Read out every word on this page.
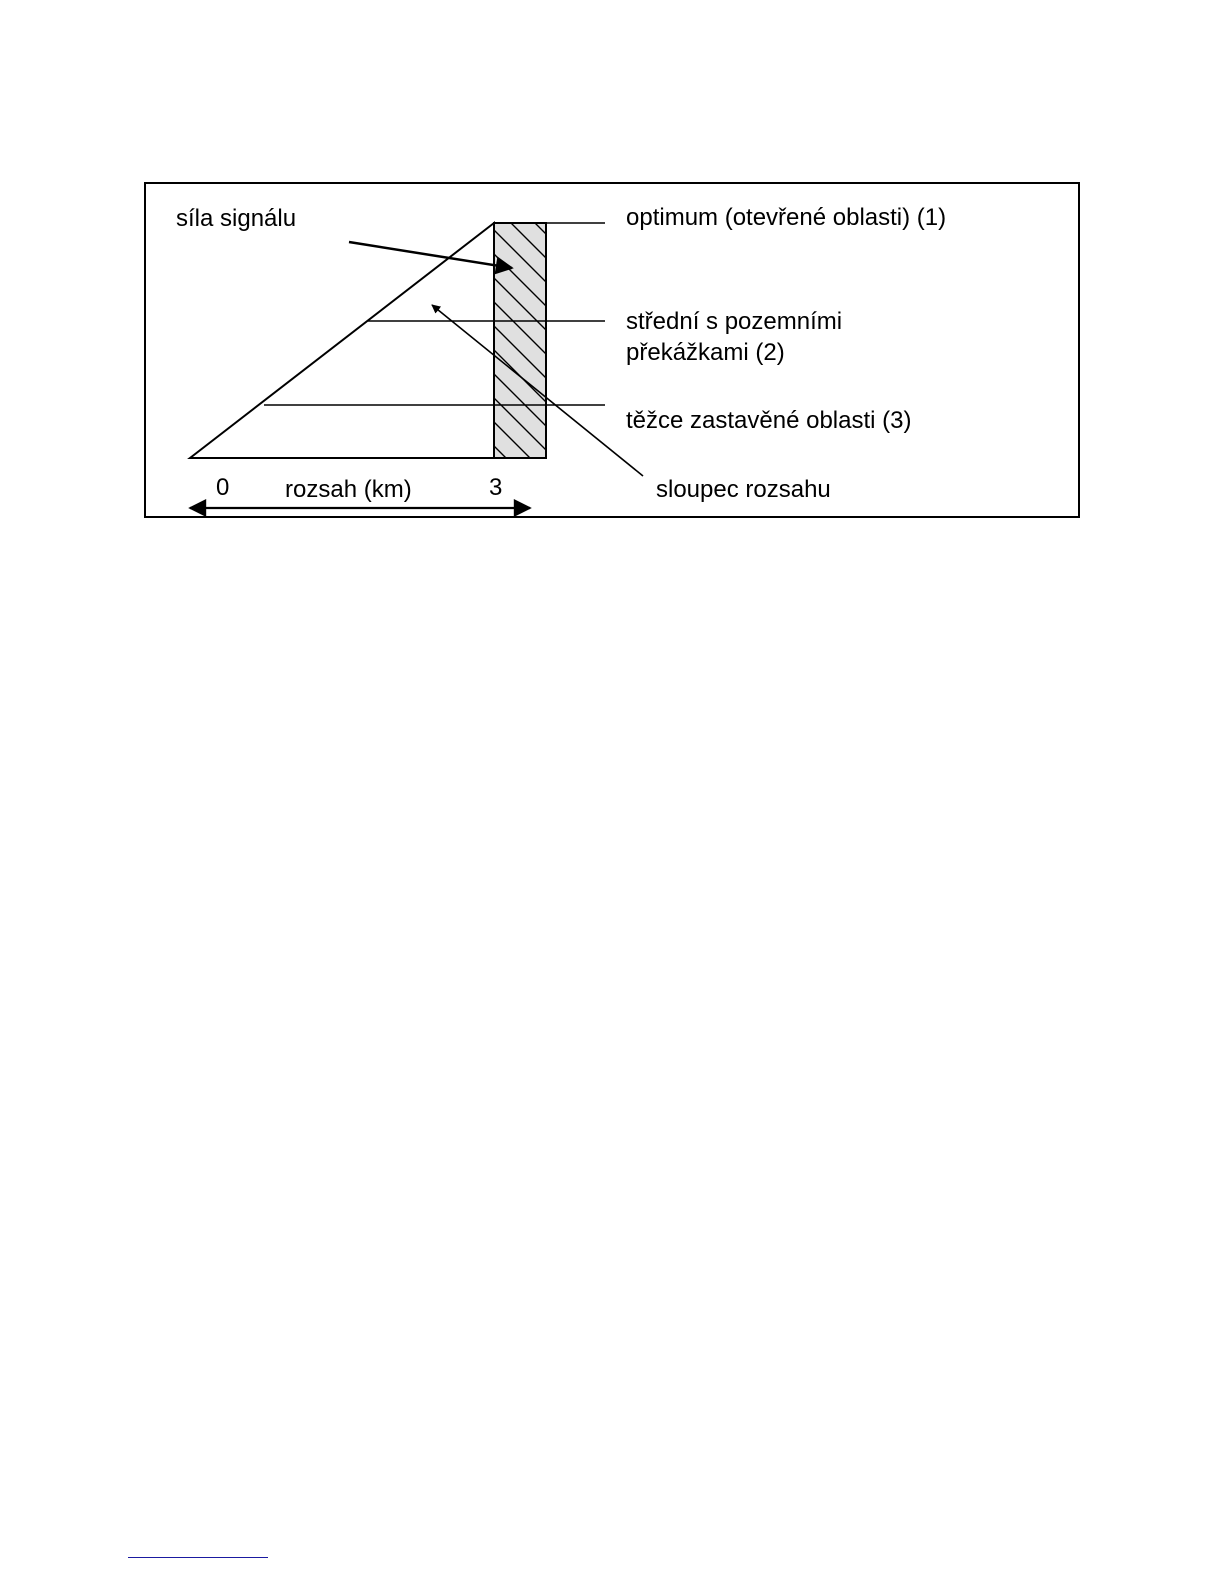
síla signálu	optimum (otevřené oblasti) (1)
střední s pozemními
překážkami (2)
těžce zastavěné oblasti (3)
sloupec rozsahu
0 rozsah (km)	3
